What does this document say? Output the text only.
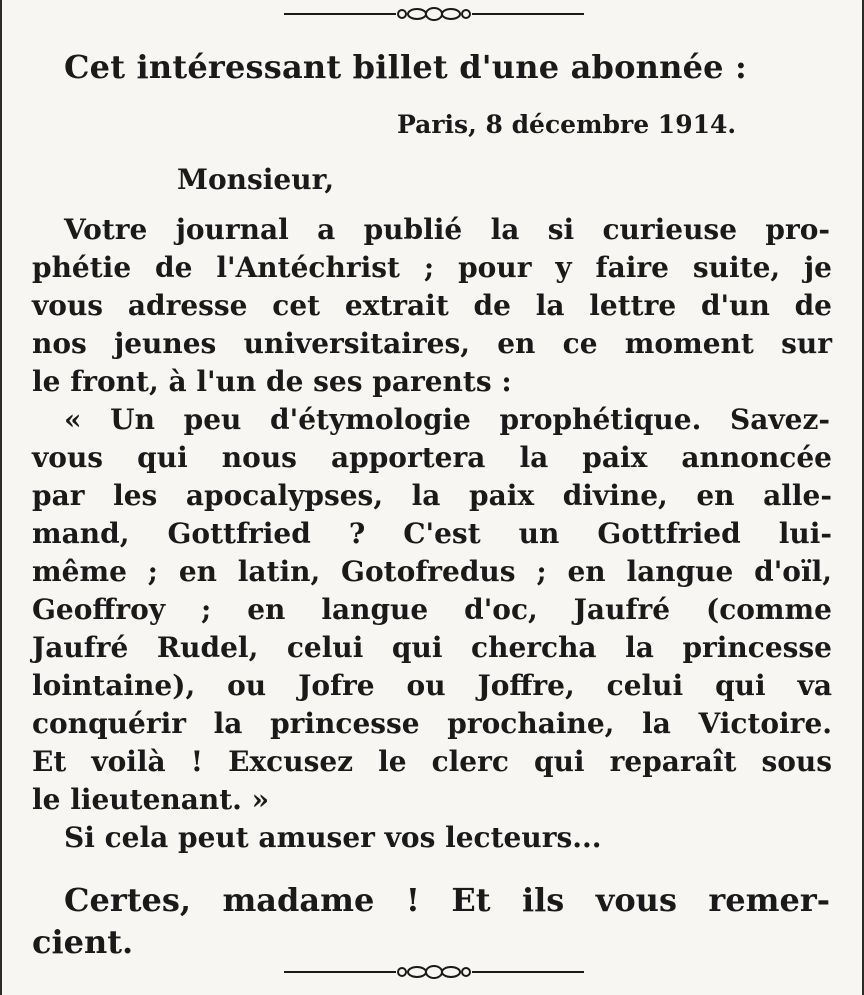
Cet intéressant billet d'une abonnée :
Paris, 8 décembre 1914.
Monsieur,
Votre journal a publié la si curieuse pro-
phétie de l'Antéchrist ; pour y faire suite, je
vous adresse cet extrait de la lettre d'un de
nos jeunes universitaires, en ce moment sur
le front, à l'un de ses parents :
« Un peu d'étymologie prophétique. Savez-
vous qui nous apportera la paix annoncée
par les apocalypses, la paix divine, en alle-
mand, Gottfried ? C'est un Gottfried lui-
même ; en latin, Gotofredus ; en langue d'oïl,
Geoffroy ; en langue d'oc, Jaufré (comme
Jaufré Rudel, celui qui chercha la princesse
lointaine), ou Jofre ou Joffre, celui qui va
conquérir la princesse prochaine, la Victoire.
Et voilà ! Excusez le clerc qui reparaît sous
le lieutenant. »
Si cela peut amuser vos lecteurs...
Certes, madame ! Et ils vous remer-
cient.
